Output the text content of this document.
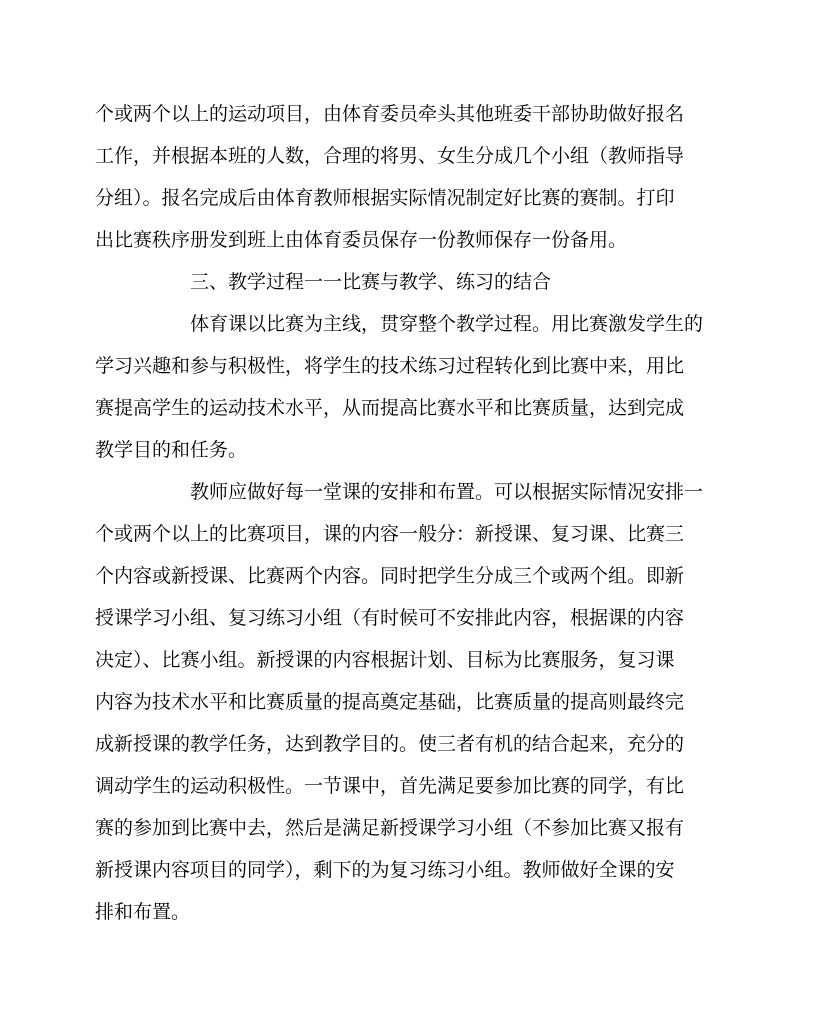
个或两个以上的运动项目，由体育委员牵头其他班委干部协助做好报名
工作，并根据本班的人数，合理的将男、女生分成几个小组（教师指导
分组）。报名完成后由体育教师根据实际情况制定好比赛的赛制。打印
出比赛秩序册发到班上由体育委员保存一份教师保存一份备用。
三、教学过程一一比赛与教学、练习的结合
体育课以比赛为主线，贯穿整个教学过程。用比赛激发学生的
学习兴趣和参与积极性，将学生的技术练习过程转化到比赛中来，用比
赛提高学生的运动技术水平，从而提高比赛水平和比赛质量，达到完成
教学目的和任务。
教师应做好每一堂课的安排和布置。可以根据实际情况安排一
个或两个以上的比赛项目，课的内容一般分：新授课、复习课、比赛三
个内容或新授课、比赛两个内容。同时把学生分成三个或两个组。即新
授课学习小组、复习练习小组（有时候可不安排此内容，根据课的内容
决定）、比赛小组。新授课的内容根据计划、目标为比赛服务，复习课
内容为技术水平和比赛质量的提高奠定基础，比赛质量的提高则最终完
成新授课的教学任务，达到教学目的。使三者有机的结合起来，充分的
调动学生的运动积极性。一节课中，首先满足要参加比赛的同学，有比
赛的参加到比赛中去，然后是满足新授课学习小组（不参加比赛又报有
新授课内容项目的同学），剩下的为复习练习小组。教师做好全课的安
排和布置。
